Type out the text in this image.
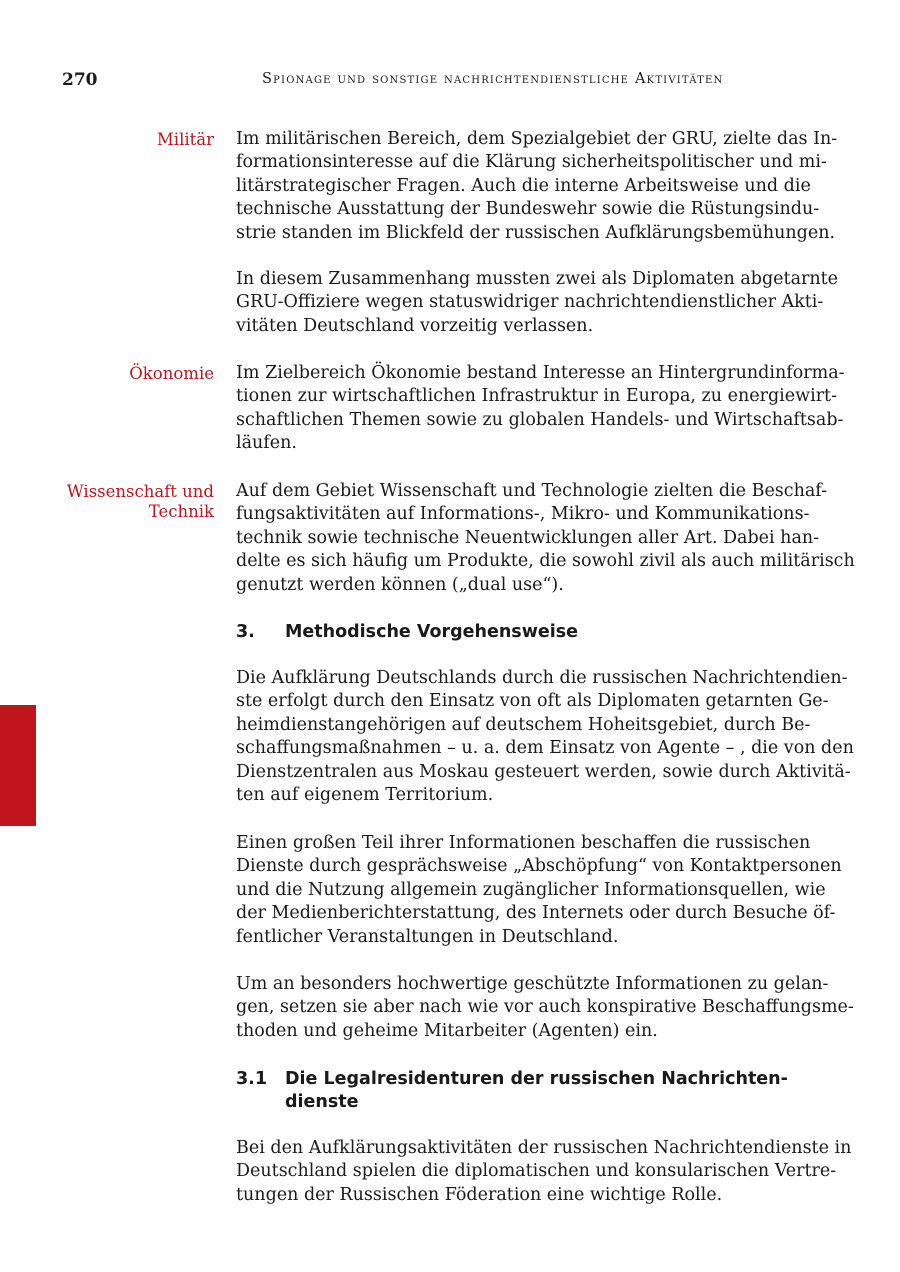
270	Spionage und sonstige nachrichtendienstliche Aktivitäten
Militär
Ökonomie
Wissenschaft und
Technik
Im militärischen Bereich, dem Spezialgebiet der GRU, zielte das In-
formationsinteresse auf die Klärung sicherheitspolitischer und mi-
litärstrategischer Fragen. Auch die interne Arbeitsweise und die
technische Ausstattung der Bundeswehr sowie die Rüstungsindu-
strie standen im Blickfeld der russischen Aufklärungsbemühungen.
In diesem Zusammenhang mussten zwei als Diplomaten abgetarnte
GRU-Offiziere wegen statuswidriger nachrichtendienstlicher Akti-
vitäten Deutschland vorzeitig verlassen.
Im Zielbereich Ökonomie bestand Interesse an Hintergrundinforma-
tionen zur wirtschaftlichen Infrastruktur in Europa, zu energiewirt-
schaftlichen Themen sowie zu globalen Handels- und Wirtschaftsab-
läufen.
Auf dem Gebiet Wissenschaft und Technologie zielten die Beschaf-
fungsaktivitäten auf Informations-, Mikro- und Kommunikations-
technik sowie technische Neuentwicklungen aller Art. Dabei han-
delte es sich häufig um Produkte, die sowohl zivil als auch militärisch
genutzt werden können („dual use“).
3. Methodische Vorgehensweise
Die Aufklärung Deutschlands durch die russischen Nachrichtendien-
ste erfolgt durch den Einsatz von oft als Diplomaten getarnten Ge-
heimdienstangehörigen auf deutschem Hoheitsgebiet, durch Be-
schaffungsmaßnahmen – u. a. dem Einsatz von Agente – , die von den
Dienstzentralen aus Moskau gesteuert werden, sowie durch Aktivitä-
ten auf eigenem Territorium.
Einen großen Teil ihrer Informationen beschaffen die russischen
Dienste durch gesprächsweise „Abschöpfung“ von Kontaktpersonen
und die Nutzung allgemein zugänglicher Informationsquellen, wie
der Medienberichterstattung, des Internets oder durch Besuche öf-
fentlicher Veranstaltungen in Deutschland.
Um an besonders hochwertige geschützte Informationen zu gelan-
gen, setzen sie aber nach wie vor auch konspirative Beschaffungsme-
thoden und geheime Mitarbeiter (Agenten) ein.
3.1 Die Legalresidenturen der russischen Nachrichten-
dienste
Bei den Aufklärungsaktivitäten der russischen Nachrichtendienste in
Deutschland spielen die diplomatischen und konsularischen Vertre-
tungen der Russischen Föderation eine wichtige Rolle.
